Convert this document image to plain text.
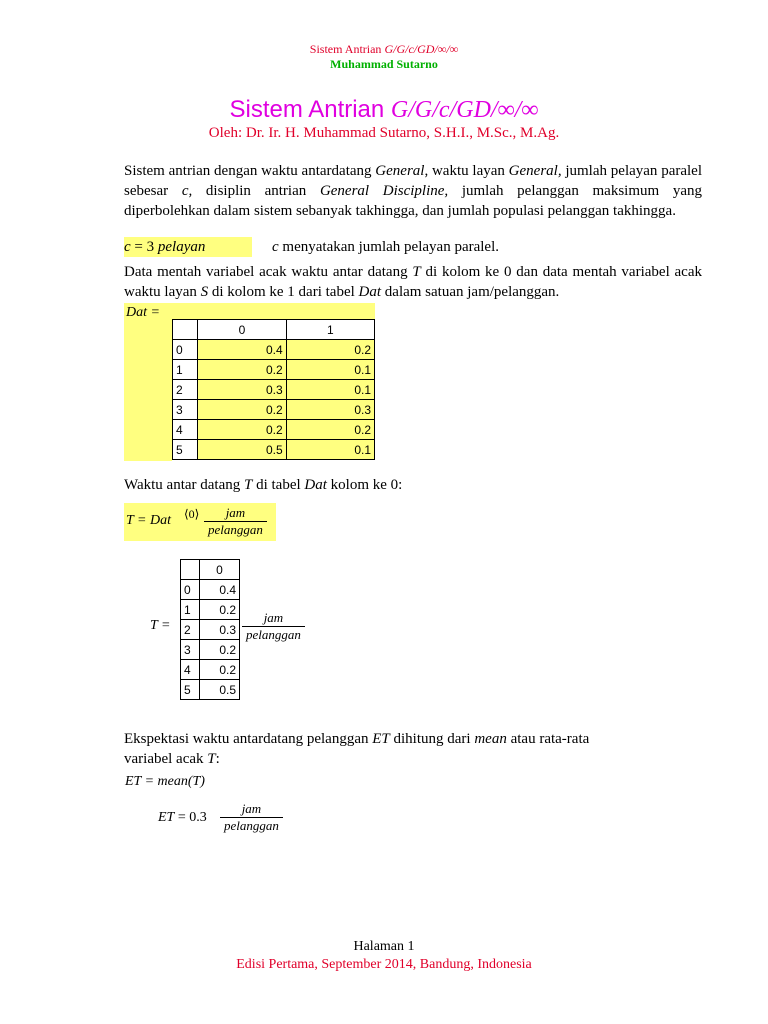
Sistem Antrian G/G/c/GD/∞/∞
Muhammad Sutarno
Sistem Antrian G/G/c/GD/∞/∞
Oleh: Dr. Ir. H. Muhammad Sutarno, S.H.I., M.Sc., M.Ag.
Sistem antrian dengan waktu antardatang General, waktu layan General, jumlah pelayan paralel sebesar c, disiplin antrian General Discipline, jumlah pelanggan maksimum yang diperbolehkan dalam sistem sebanyak takhingga, dan jumlah populasi pelanggan takhingga.
c = 3 pelayan	c menyatakan jumlah pelayan paralel.
Data mentah variabel acak waktu antar datang T di kolom ke 0 dan data mentah variabel acak waktu layan S di kolom ke 1 dari tabel Dat dalam satuan jam/pelanggan.
Dat =
	0	1
0	0.4	0.2
1	0.2	0.1
2	0.3	0.1
3	0.2	0.3
4	0.2	0.2
5	0.5	0.1
Waktu antar datang T di tabel Dat kolom ke 0:
T = Dat ⟨0⟩	jam
pelanggan
T =
	0
0	0.4
1	0.2
2	0.3
3	0.2
4	0.2
5	0.5
jam
pelanggan
Ekspektasi waktu antardatang pelanggan ET dihitung dari mean atau rata-rata
variabel acak T:
ET = mean(T)
ET = 0.3
jam
pelanggan
Halaman 1
Edisi Pertama, September 2014, Bandung, Indonesia
